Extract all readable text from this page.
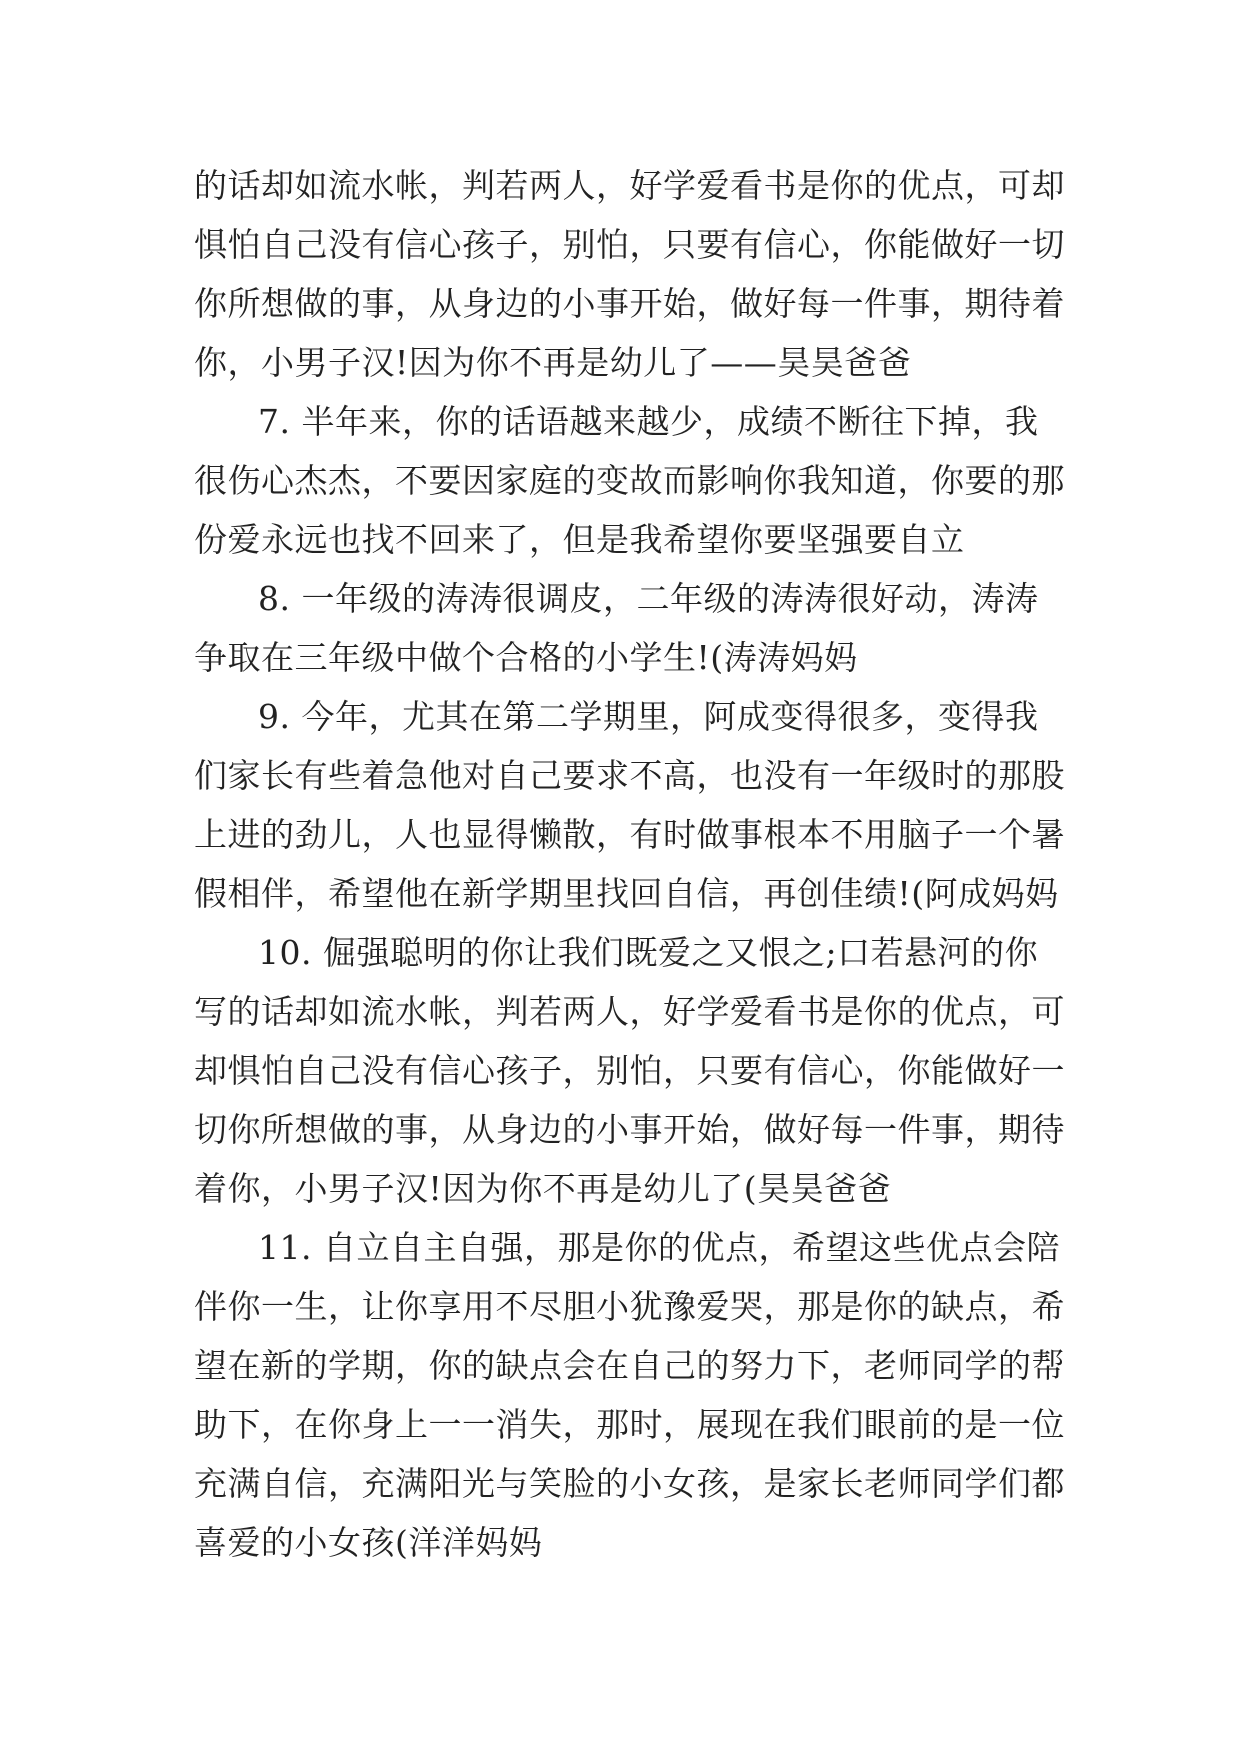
的话却如流水帐，判若两人，好学爱看书是你的优点，可却
惧怕自己没有信心孩子，别怕，只要有信心，你能做好一切
你所想做的事，从身边的小事开始，做好每一件事，期待着
你，小男子汉!因为你不再是幼儿了——昊昊爸爸
7. 半年来，你的话语越来越少，成绩不断往下掉，我
很伤心杰杰，不要因家庭的变故而影响你我知道，你要的那
份爱永远也找不回来了，但是我希望你要坚强要自立
8. 一年级的涛涛很调皮，二年级的涛涛很好动，涛涛
争取在三年级中做个合格的小学生!(涛涛妈妈
9. 今年，尤其在第二学期里，阿成变得很多，变得我
们家长有些着急他对自己要求不高，也没有一年级时的那股
上进的劲儿，人也显得懒散，有时做事根本不用脑子一个暑
假相伴，希望他在新学期里找回自信，再创佳绩!(阿成妈妈
10. 倔强聪明的你让我们既爱之又恨之;口若悬河的你
写的话却如流水帐，判若两人，好学爱看书是你的优点，可
却惧怕自己没有信心孩子，别怕，只要有信心，你能做好一
切你所想做的事，从身边的小事开始，做好每一件事，期待
着你，小男子汉!因为你不再是幼儿了(昊昊爸爸
11. 自立自主自强，那是你的优点，希望这些优点会陪
伴你一生，让你享用不尽胆小犹豫爱哭，那是你的缺点，希
望在新的学期，你的缺点会在自己的努力下，老师同学的帮
助下，在你身上一一消失，那时，展现在我们眼前的是一位
充满自信，充满阳光与笑脸的小女孩，是家长老师同学们都
喜爱的小女孩(洋洋妈妈
